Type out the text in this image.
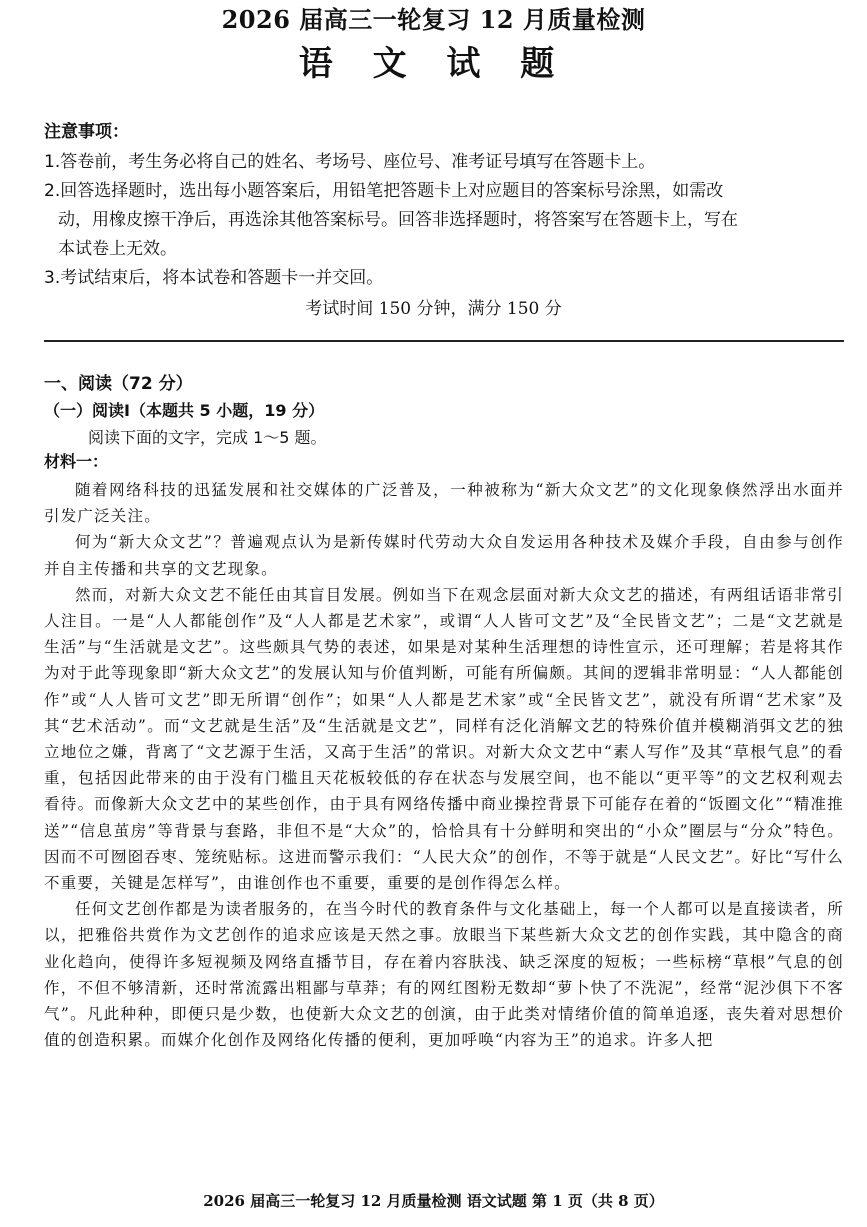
2026 届高三一轮复习 12 月质量检测
语 文 试 题
注意事项：

1.答卷前，考生务必将自己的姓名、考场号、座位号、准考证号填写在答题卡上。

2.回答选择题时，选出每小题答案后，用铅笔把答题卡上对应题目的答案标号涂黑，如需改
动，用橡皮擦干净后，再选涂其他答案标号。回答非选择题时，将答案写在答题卡上，写在
本试卷上无效。

3.考试结束后，将本试卷和答题卡一并交回。

考试时间 150 分钟，满分 150 分
一、阅读（72 分）
（一）阅读Ⅰ（本题共 5 小题，19 分）
阅读下面的文字，完成 1～5 题。
材料一：

随着网络科技的迅猛发展和社交媒体的广泛普及，一种被称为“新大众文艺”的文化现象倏然浮出水面并引发广泛关注。

何为“新大众文艺”？普遍观点认为是新传媒时代劳动大众自发运用各种技术及媒介手段，自由参与创作并自主传播和共享的文艺现象。

然而，对新大众文艺不能任由其盲目发展。例如当下在观念层面对新大众文艺的描述，有两组话语非常引人注目。一是“人人都能创作”及“人人都是艺术家”，或谓“人人皆可文艺”及“全民皆文艺”；二是“文艺就是生活”与“生活就是文艺”。这些颇具气势的表述，如果是对某种生活理想的诗性宣示，还可理解；若是将其作为对于此等现象即“新大众文艺”的发展认知与价值判断，可能有所偏颇。其间的逻辑非常明显：“人人都能创作”或“人人皆可文艺”即无所谓“创作”；如果“人人都是艺术家”或“全民皆文艺”，就没有所谓“艺术家”及其“艺术活动”。而“文艺就是生活”及“生活就是文艺”，同样有泛化消解文艺的特殊价值并模糊消弭文艺的独立地位之嫌，背离了“文艺源于生活，又高于生活”的常识。对新大众文艺中“素人写作”及其“草根气息”的看重，包括因此带来的由于没有门槛且天花板较低的存在状态与发展空间，也不能以“更平等”的文艺权利观去看待。而像新大众文艺中的某些创作，由于具有网络传播中商业操控背景下可能存在着的“饭圈文化”“精准推送”“信息茧房”等背景与套路，非但不是“大众”的，恰恰具有十分鲜明和突出的“小众”圈层与“分众”特色。因而不可囫囵吞枣、笼统贴标。这进而警示我们：“人民大众”的创作，不等于就是“人民文艺”。好比“写什么不重要，关键是怎样写”，由谁创作也不重要，重要的是创作得怎么样。

任何文艺创作都是为读者服务的，在当今时代的教育条件与文化基础上，每一个人都可以是直接读者，所以，把雅俗共赏作为文艺创作的追求应该是天然之事。放眼当下某些新大众文艺的创作实践，其中隐含的商业化趋向，使得许多短视频及网络直播节目，存在着内容肤浅、缺乏深度的短板；一些标榜“草根”气息的创作，不但不够清新，还时常流露出粗鄙与草莽；有的网红图粉无数却“萝卜快了不洗泥”，经常“泥沙俱下不客气”。凡此种种，即便只是少数，也使新大众文艺的创演，由于此类对情绪价值的简单追逐，丧失着对思想价值的创造积累。而媒介化创作及网络化传播的便利，更加呼唤“内容为王”的追求。许多人把

2026 届高三一轮复习 12 月质量检测 语文试题 第 1 页（共 8 页）
